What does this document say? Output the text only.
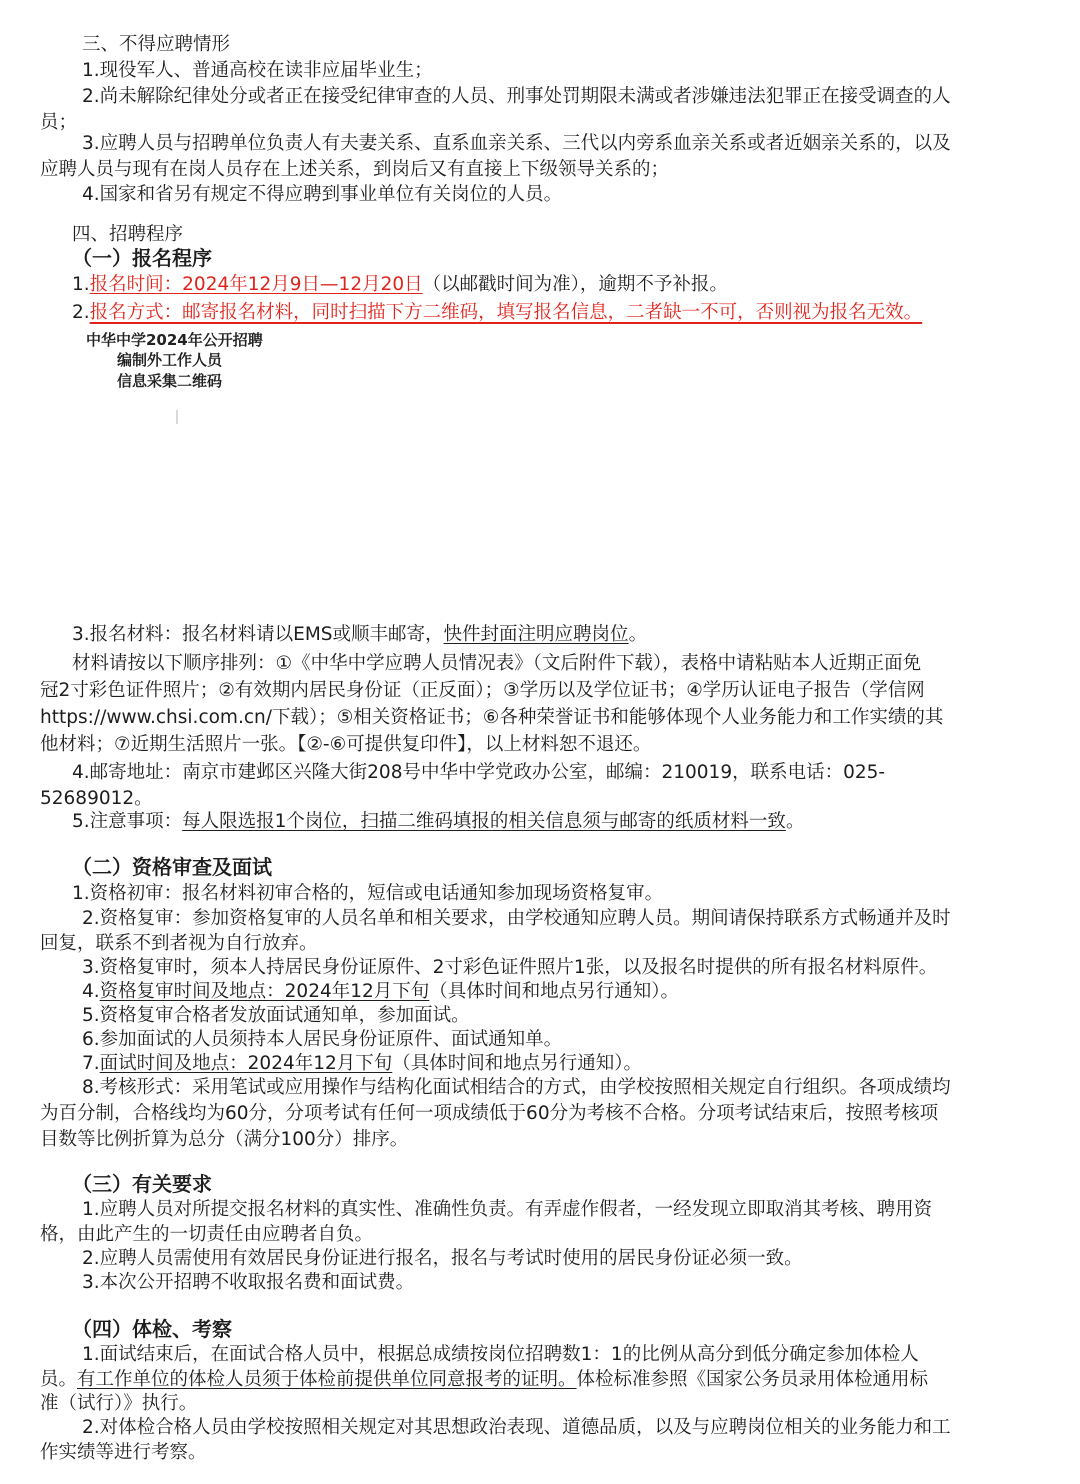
三、不得应聘情形
1.现役军人、普通高校在读非应届毕业生；
2.尚未解除纪律处分或者正在接受纪律审查的人员、刑事处罚期限未满或者涉嫌违法犯罪正在接受调查的人
员；
3.应聘人员与招聘单位负责人有夫妻关系、直系血亲关系、三代以内旁系血亲关系或者近姻亲关系的，以及
应聘人员与现有在岗人员存在上述关系，到岗后又有直接上下级领导关系的；
4.国家和省另有规定不得应聘到事业单位有关岗位的人员。
四、招聘程序
（一）报名程序
1.报名时间：2024年12月9日—12月20日（以邮戳时间为准），逾期不予补报。
2.报名方式：邮寄报名材料，同时扫描下方二维码，填写报名信息，二者缺一不可，否则视为报名无效。
中华中学2024年公开招聘
编制外工作人员
信息采集二维码
3.报名材料：报名材料请以EMS或顺丰邮寄，快件封面注明应聘岗位。
材料请按以下顺序排列：①《中华中学应聘人员情况表》（文后附件下载），表格中请粘贴本人近期正面免
冠2寸彩色证件照片；②有效期内居民身份证（正反面）；③学历以及学位证书；④学历认证电子报告（学信网
https://www.chsi.com.cn/下载）；⑤相关资格证书；⑥各种荣誉证书和能够体现个人业务能力和工作实绩的其
他材料；⑦近期生活照片一张。【②-⑥可提供复印件】，以上材料恕不退还。
4.邮寄地址：南京市建邺区兴隆大街208号中华中学党政办公室，邮编：210019，联系电话：025-
52689012。
5.注意事项：每人限选报1个岗位，扫描二维码填报的相关信息须与邮寄的纸质材料一致。
（二）资格审查及面试
1.资格初审：报名材料初审合格的，短信或电话通知参加现场资格复审。
2.资格复审：参加资格复审的人员名单和相关要求，由学校通知应聘人员。期间请保持联系方式畅通并及时
回复，联系不到者视为自行放弃。
3.资格复审时，须本人持居民身份证原件、2寸彩色证件照片1张，以及报名时提供的所有报名材料原件。
4.资格复审时间及地点：2024年12月下旬（具体时间和地点另行通知）。
5.资格复审合格者发放面试通知单，参加面试。
6.参加面试的人员须持本人居民身份证原件、面试通知单。
7.面试时间及地点：2024年12月下旬（具体时间和地点另行通知）。
8.考核形式：采用笔试或应用操作与结构化面试相结合的方式，由学校按照相关规定自行组织。各项成绩均
为百分制，合格线均为60分，分项考试有任何一项成绩低于60分为考核不合格。分项考试结束后，按照考核项
目数等比例折算为总分（满分100分）排序。
（三）有关要求
1.应聘人员对所提交报名材料的真实性、准确性负责。有弄虚作假者，一经发现立即取消其考核、聘用资
格，由此产生的一切责任由应聘者自负。
2.应聘人员需使用有效居民身份证进行报名，报名与考试时使用的居民身份证必须一致。
3.本次公开招聘不收取报名费和面试费。
（四）体检、考察
1.面试结束后，在面试合格人员中，根据总成绩按岗位招聘数1：1的比例从高分到低分确定参加体检人
员。有工作单位的体检人员须于体检前提供单位同意报考的证明。体检标准参照《国家公务员录用体检通用标
准（试行）》执行。
2.对体检合格人员由学校按照相关规定对其思想政治表现、道德品质，以及与应聘岗位相关的业务能力和工
作实绩等进行考察。
